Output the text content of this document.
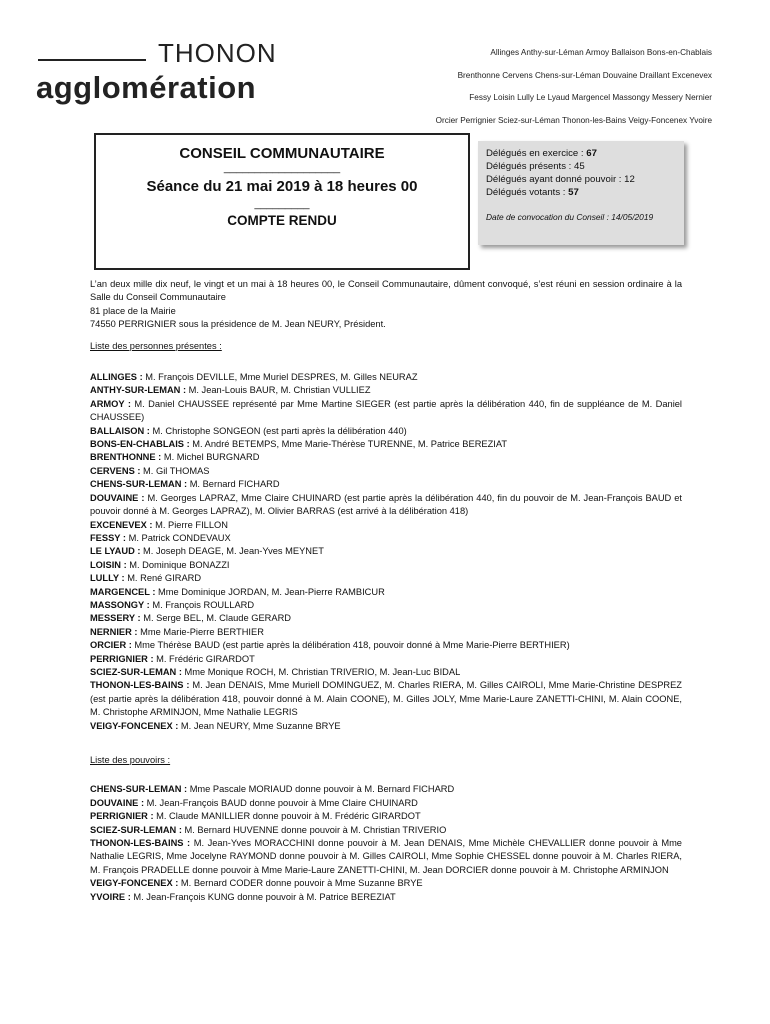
THONON
agglomération
Allinges Anthy-sur-Léman Armoy Ballaison Bons-en-Chablais
Brenthonne Cervens Chens-sur-Léman Douvaine Draillant Excenevex
Fessy Loisin Lully Le Lyaud Margencel Massongy Messery Nernier
Orcier Perrignier Sciez-sur-Léman Thonon-les-Bains Veigy-Foncenex Yvoire
CONSEIL COMMUNAUTAIRE
___________________
Séance du 21 mai 2019 à 18 heures 00
_________
COMPTE RENDU
Délégués en exercice : 67
Délégués présents : 45
Délégués ayant donné pouvoir : 12
Délégués votants : 57
Date de convocation du Conseil : 14/05/2019

L’an deux mille dix neuf, le vingt et un mai à 18 heures 00, le Conseil Communautaire, dûment convoqué, s’est réuni en session ordinaire à la Salle du Conseil Communautaire
81 place de la Mairie
74550 PERRIGNIER sous la présidence de M. Jean NEURY, Président.

Liste des personnes présentes :

ALLINGES : M. François DEVILLE, Mme Muriel DESPRES, M. Gilles NEURAZ

ANTHY-SUR-LEMAN : M. Jean-Louis BAUR, M. Christian VULLIEZ

ARMOY : M. Daniel CHAUSSEE représenté par Mme Martine SIEGER (est partie après la délibération 440, fin de suppléance de M. Daniel CHAUSSEE)

BALLAISON : M. Christophe SONGEON (est parti après la délibération 440)

BONS-EN-CHABLAIS : M. André BETEMPS, Mme Marie-Thérèse TURENNE, M. Patrice BEREZIAT

BRENTHONNE : M. Michel BURGNARD

CERVENS : M. Gil THOMAS

CHENS-SUR-LEMAN : M. Bernard FICHARD

DOUVAINE : M. Georges LAPRAZ, Mme Claire CHUINARD (est partie après la délibération 440, fin du pouvoir de M. Jean-François BAUD et pouvoir donné à M. Georges LAPRAZ), M. Olivier BARRAS (est arrivé à la délibération 418)

EXCENEVEX : M. Pierre FILLON

FESSY : M. Patrick CONDEVAUX

LE LYAUD : M. Joseph DEAGE, M. Jean-Yves MEYNET

LOISIN : M. Dominique BONAZZI

LULLY : M. René GIRARD

MARGENCEL : Mme Dominique JORDAN, M. Jean-Pierre RAMBICUR

MASSONGY : M. François ROULLARD

MESSERY : M. Serge BEL, M. Claude GERARD

NERNIER : Mme Marie-Pierre BERTHIER

ORCIER : Mme Thérèse BAUD (est partie après la délibération 418, pouvoir donné à Mme Marie-Pierre BERTHIER)

PERRIGNIER : M. Frédéric GIRARDOT

SCIEZ-SUR-LEMAN : Mme Monique ROCH, M. Christian TRIVERIO, M. Jean-Luc BIDAL

THONON-LES-BAINS : M. Jean DENAIS, Mme Muriell DOMINGUEZ, M. Charles RIERA, M. Gilles CAIROLI, Mme Marie-Christine DESPREZ (est partie après la délibération 418, pouvoir donné à M. Alain COONE), M. Gilles JOLY, Mme Marie-Laure ZANETTI-CHINI, M. Alain COONE, M. Christophe ARMINJON, Mme Nathalie LEGRIS

VEIGY-FONCENEX : M. Jean NEURY, Mme Suzanne BRYE

Liste des pouvoirs :

CHENS-SUR-LEMAN : Mme Pascale MORIAUD donne pouvoir à M. Bernard FICHARD

DOUVAINE : M. Jean-François BAUD donne pouvoir à Mme Claire CHUINARD

PERRIGNIER : M. Claude MANILLIER donne pouvoir à M. Frédéric GIRARDOT

SCIEZ-SUR-LEMAN : M. Bernard HUVENNE donne pouvoir à M. Christian TRIVERIO

THONON-LES-BAINS : M. Jean-Yves MORACCHINI donne pouvoir à M. Jean DENAIS, Mme Michèle CHEVALLIER donne pouvoir à Mme Nathalie LEGRIS, Mme Jocelyne RAYMOND donne pouvoir à M. Gilles CAIROLI, Mme Sophie CHESSEL donne pouvoir à M. Charles RIERA, M. François PRADELLE donne pouvoir à Mme Marie-Laure ZANETTI-CHINI, M. Jean DORCIER donne pouvoir à M. Christophe ARMINJON

VEIGY-FONCENEX : M. Bernard CODER donne pouvoir à Mme Suzanne BRYE

YVOIRE : M. Jean-François KUNG donne pouvoir à M. Patrice BEREZIAT
